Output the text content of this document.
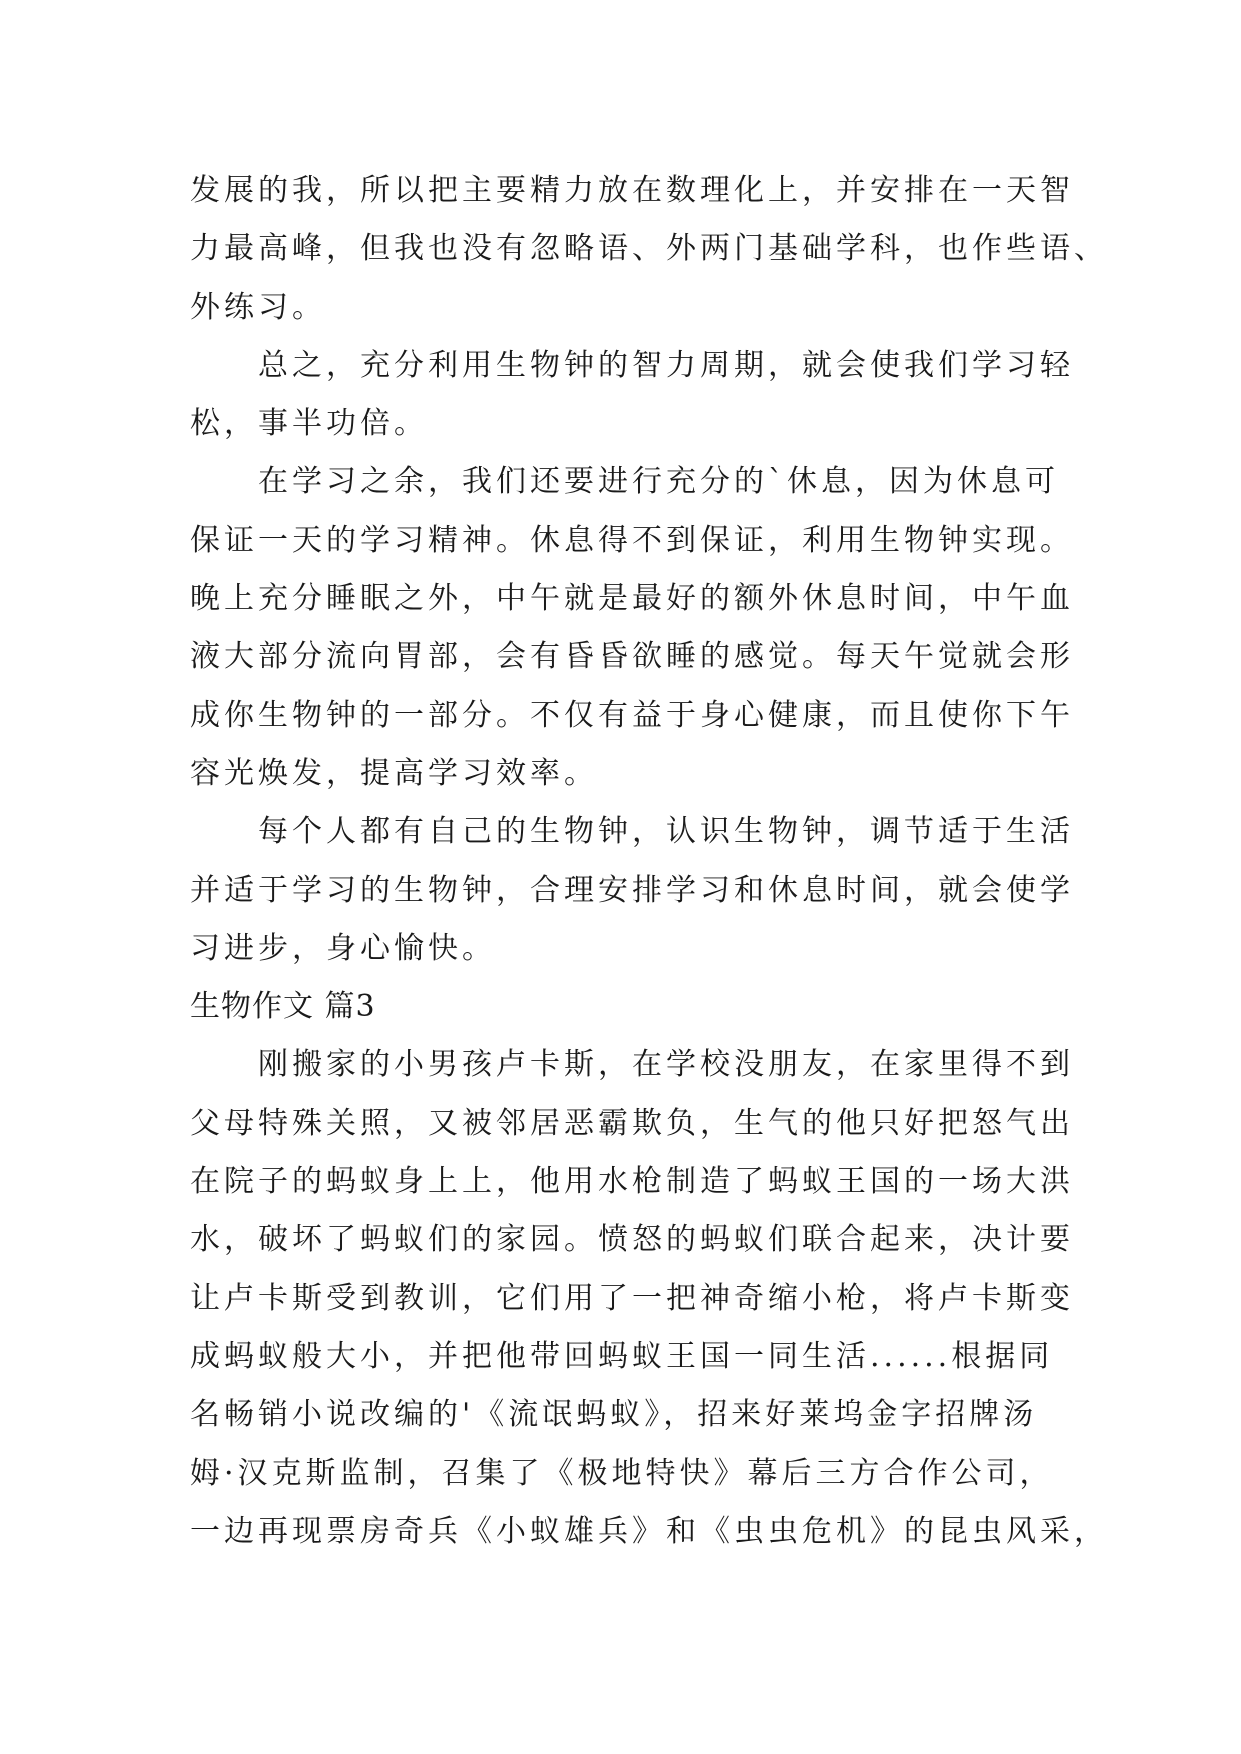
发展的我，所以把主要精力放在数理化上，并安排在一天智
力最高峰，但我也没有忽略语、外两门基础学科，也作些语、
外练习。
总之，充分利用生物钟的智力周期，就会使我们学习轻
松，事半功倍。
在学习之余，我们还要进行充分的`休息，因为休息可
保证一天的学习精神。休息得不到保证，利用生物钟实现。
晚上充分睡眠之外，中午就是最好的额外休息时间，中午血
液大部分流向胃部，会有昏昏欲睡的感觉。每天午觉就会形
成你生物钟的一部分。不仅有益于身心健康，而且使你下午
容光焕发，提高学习效率。
每个人都有自己的生物钟，认识生物钟，调节适于生活
并适于学习的生物钟，合理安排学习和休息时间，就会使学
习进步，身心愉快。
生物作文 篇3
刚搬家的小男孩卢卡斯，在学校没朋友，在家里得不到
父母特殊关照，又被邻居恶霸欺负，生气的他只好把怒气出
在院子的蚂蚁身上上，他用水枪制造了蚂蚁王国的一场大洪
水，破坏了蚂蚁们的家园。愤怒的蚂蚁们联合起来，决计要
让卢卡斯受到教训，它们用了一把神奇缩小枪，将卢卡斯变
成蚂蚁般大小，并把他带回蚂蚁王国一同生活......根据同
名畅销小说改编的'《流氓蚂蚁》，招来好莱坞金字招牌汤
姆·汉克斯监制，召集了《极地特快》幕后三方合作公司，
一边再现票房奇兵《小蚁雄兵》和《虫虫危机》的昆虫风采，
